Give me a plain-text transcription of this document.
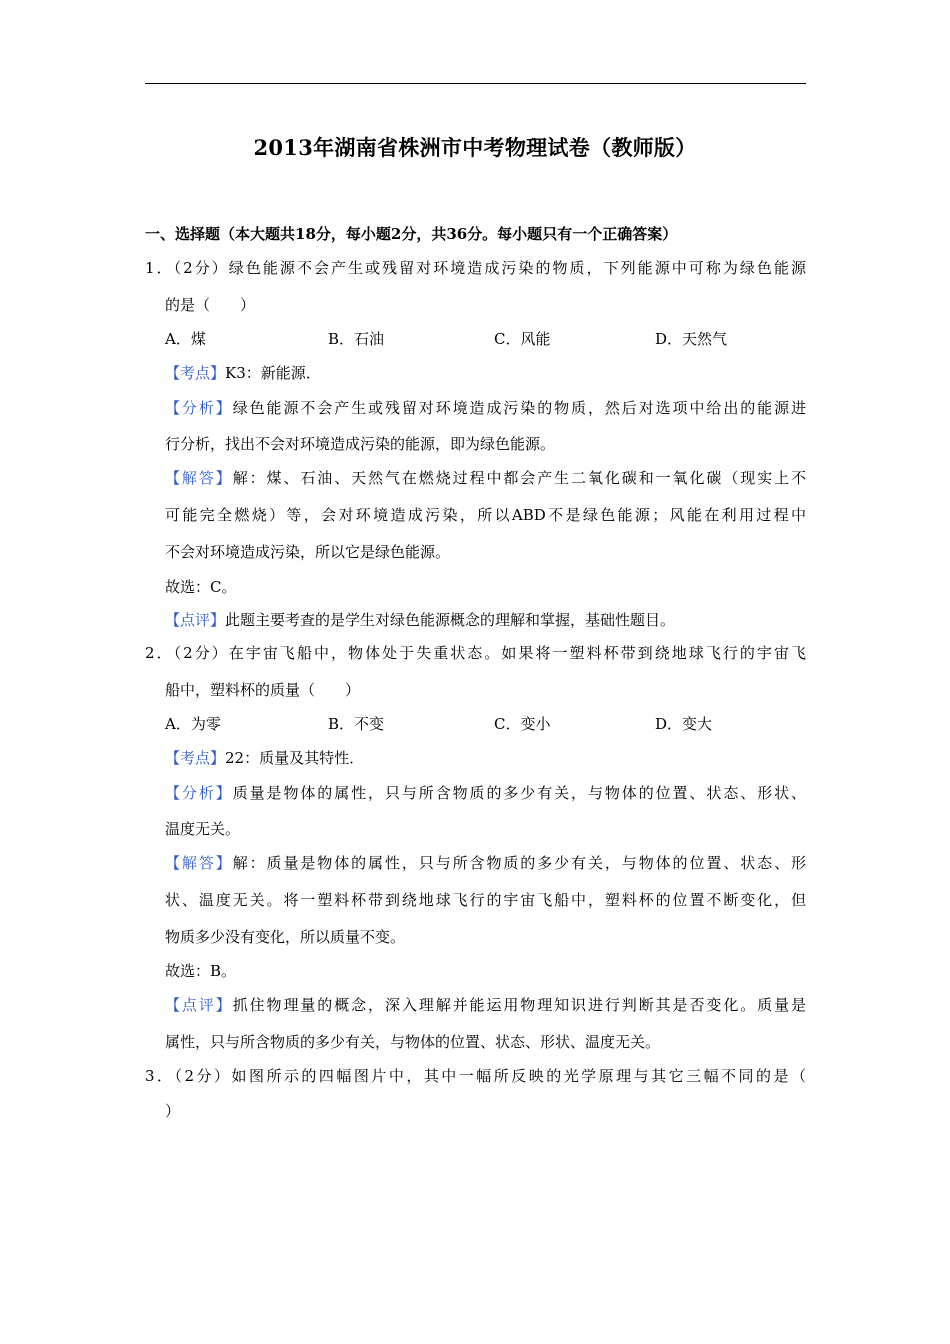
2013年湖南省株洲市中考物理试卷（教师版）
一、选择题（本大题共18分，每小题2分，共36分。每小题只有一个正确答案）
1．（2分）绿色能源不会产生或残留对环境造成污染的物质，下列能源中可称为绿色能源
的是（　　）
A．煤	B．石油	C．风能	D．天然气
【考点】K3：新能源．
【分析】绿色能源不会产生或残留对环境造成污染的物质，然后对选项中给出的能源进
行分析，找出不会对环境造成污染的能源，即为绿色能源。
【解答】解：煤、石油、天然气在燃烧过程中都会产生二氧化碳和一氧化碳（现实上不
可能完全燃烧）等，会对环境造成污染，所以ABD不是绿色能源；风能在利用过程中
不会对环境造成污染，所以它是绿色能源。
故选：C。
【点评】此题主要考查的是学生对绿色能源概念的理解和掌握，基础性题目。
2．（2分）在宇宙飞船中，物体处于失重状态。如果将一塑料杯带到绕地球飞行的宇宙飞
船中，塑料杯的质量（　　）
A．为零	B．不变	C．变小	D．变大
【考点】22：质量及其特性．
【分析】质量是物体的属性，只与所含物质的多少有关，与物体的位置、状态、形状、
温度无关。
【解答】解：质量是物体的属性，只与所含物质的多少有关，与物体的位置、状态、形
状、温度无关。将一塑料杯带到绕地球飞行的宇宙飞船中，塑料杯的位置不断变化，但
物质多少没有变化，所以质量不变。
故选：B。
【点评】抓住物理量的概念，深入理解并能运用物理知识进行判断其是否变化。质量是
属性，只与所含物质的多少有关，与物体的位置、状态、形状、温度无关。
3．（2分）如图所示的四幅图片中，其中一幅所反映的光学原理与其它三幅不同的是（
）
